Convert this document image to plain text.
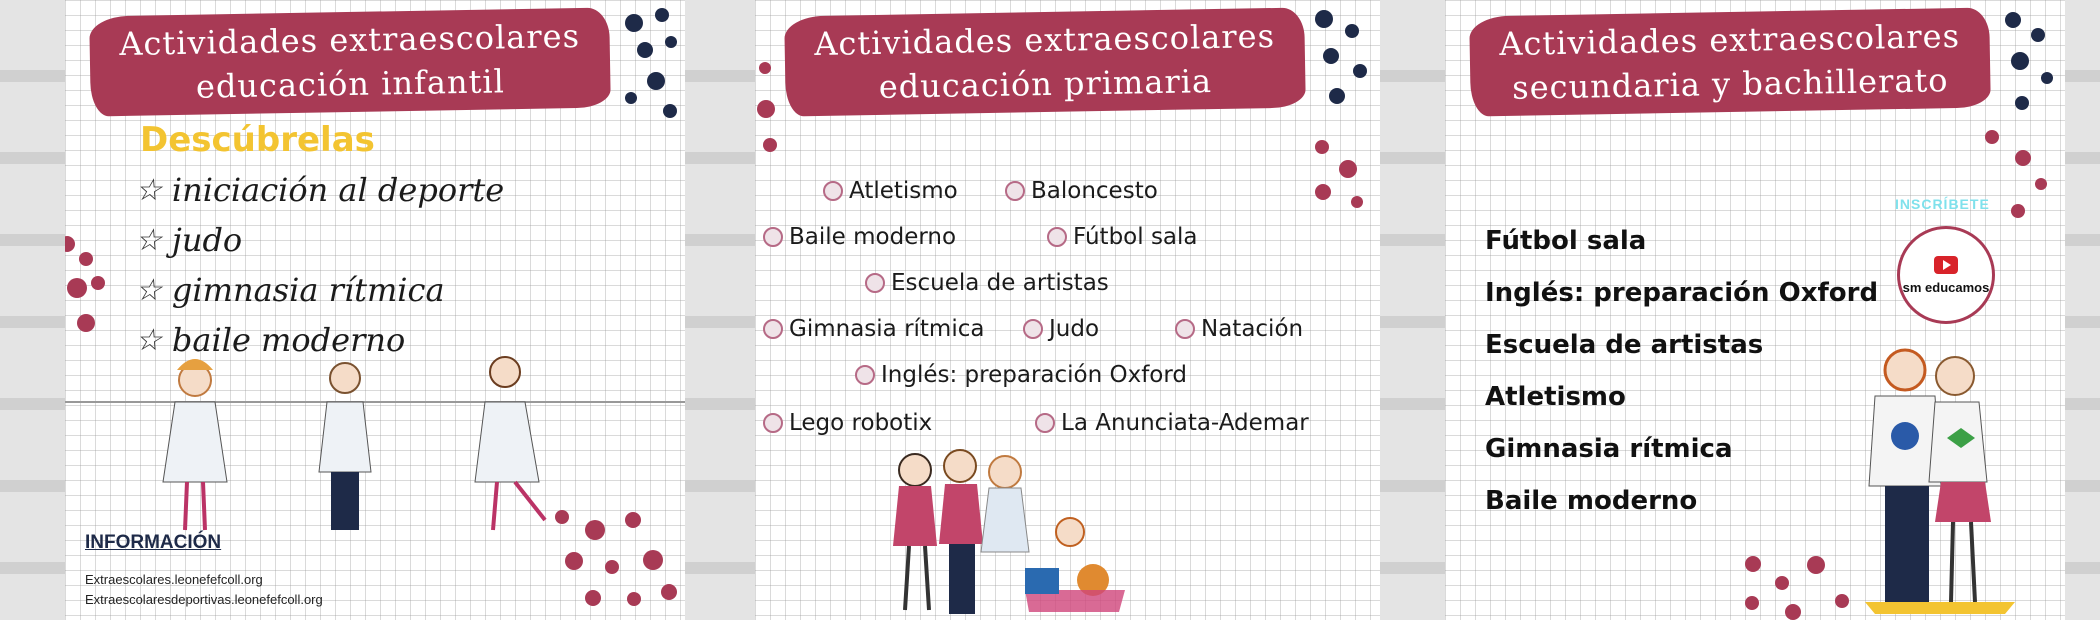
Actividades extraescolares
educación infantil
Descúbrelas
☆ iniciación al deporte
☆ judo
☆ gimnasia rítmica
☆ baile moderno
INFORMACIÓN
Extraescolares.leonefefcoll.org
Extraescolaresdeportivas.leonefefcoll.org
Actividades extraescolares
educación primaria
Atletismo	Baloncesto
Baile moderno	Fútbol sala
Escuela de artistas
Gimnasia rítmica	Judo	Natación
Inglés: preparación Oxford
Lego robotix	La Anunciata-Ademar
Actividades extraescolares
secundaria y bachillerato
Fútbol sala
Inglés: preparación Oxford
Escuela de artistas
Atletismo
Gimnasia rítmica
Baile moderno
INSCRÍBETE
sm educamos
